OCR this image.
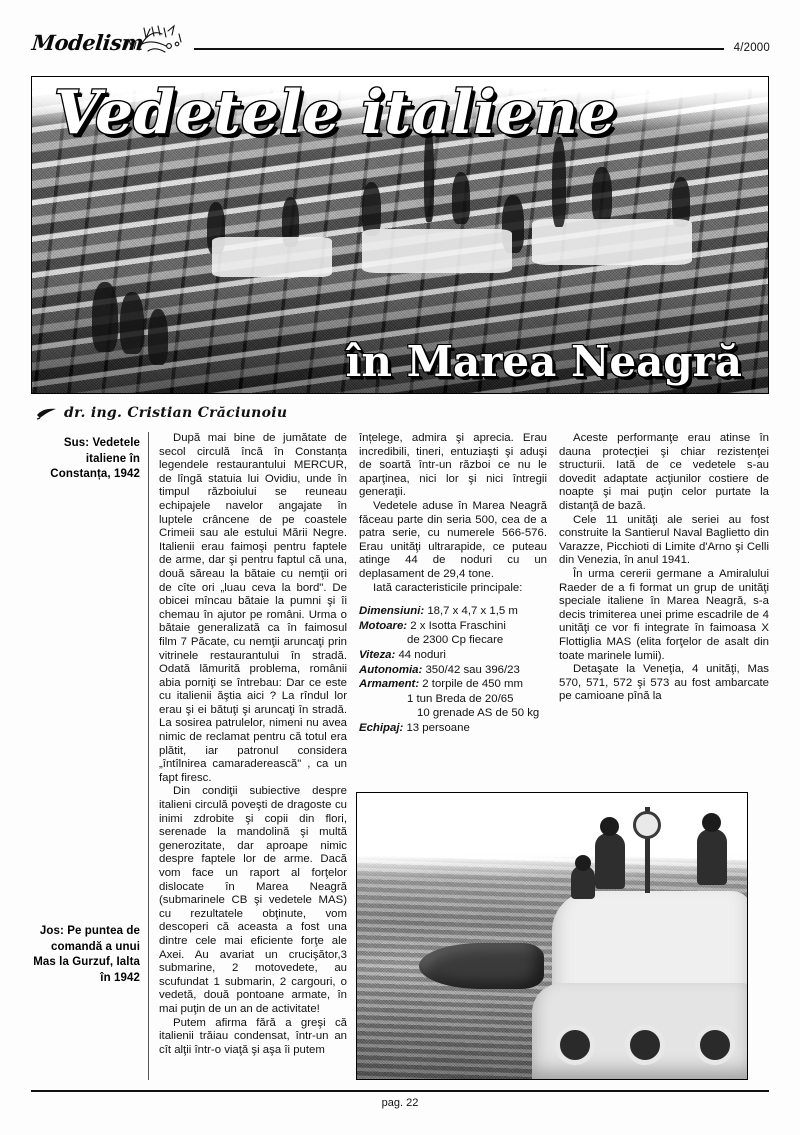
Modelism	4/2000
Vedetele italiene
în Marea Neagră
dr. ing. Cristian Crăciunoiu
Sus: Vedetele italiene în Constanța, 1942
Jos: Pe puntea de comandă a unui Mas la Gurzuf, Ialta în 1942

După mai bine de jumătate de secol circulă încă în Constanța legendele restaurantului MERCUR, de lîngă statuia lui Ovidiu, unde în timpul războiului se reuneau echipajele navelor angajate în luptele crâncene de pe coastele Crimeii sau ale estului Mării Negre. Italienii erau faimoşi pentru faptele de arme, dar şi pentru faptul că una, două săreau la bătaie cu nemţii ori de cîte ori „luau ceva la bord". De obicei mîncau bătaie la pumni şi îi chemau în ajutor pe români. Urma o bătaie generalizată ca în faimosul film 7 Păcate, cu nemţii aruncaţi prin vitrinele restaurantului în stradă. Odată lămurită problema, românii abia porniţi se întrebau: Dar ce este cu italienii ăştia aici ? La rîndul lor erau şi ei bătuţi şi aruncaţi în stradă. La sosirea patrulelor, nimeni nu avea nimic de reclamat pentru că totul era plătit, iar patronul considera „întîlnirea camaraderească" , ca un fapt firesc.

Din condiţii subiective despre italieni circulă poveşti de dragoste cu inimi zdrobite şi copii din flori, serenade la mandolină şi multă generozitate, dar aproape nimic despre faptele lor de arme. Dacă vom face un raport al forţelor dislocate în Marea Neagră (submarinele CB şi vedetele MAS) cu rezultatele obţinute, vom descoperi că aceasta a fost una dintre cele mai eficiente forţe ale Axei. Au avariat un crucişător,3 submarine, 2 motovedete, au scufundat 1 submarin, 2 cargouri, o vedetă, două pontoane armate, în mai puţin de un an de activitate!

Putem afirma fără a greşi că italienii trăiau condensat, într-un an cît alţii într-o viaţă şi aşa îi putem

înțelege, admira şi aprecia. Erau incredibili, tineri, entuziaşti şi aduşi de soartă într-un război ce nu le aparţinea, nici lor şi nici întregii generaţii.

Vedetele aduse în Marea Neagră făceau parte din seria 500, cea de a patra serie, cu numerele 566-576. Erau unităţi ultrarapide, ce puteau atinge 44 de noduri cu un deplasament de 29,4 tone.

Iată caracteristicile principale:

Dimensiuni: 18,7 x 4,7 x 1,5 m
Motoare: 2 x Isotta Fraschini
de 2300 Cp fiecare
Viteza: 44 noduri
Autonomia: 350/42 sau 396/23
Armament: 2 torpile de 450 mm
1 tun Breda de 20/65
10 grenade AS de 50 kg
Echipaj: 13 persoane

Aceste performanţe erau atinse în dauna protecţiei şi chiar rezistenţei structurii. Iată de ce vedetele s-au dovedit adaptate acţiunilor costiere de noapte şi mai puţin celor purtate la distanţă de bază.

Cele 11 unităţi ale seriei au fost construite la Santierul Naval Baglietto din Varazze, Picchioti di Limite d'Arno şi Celli din Venezia, în anul 1941.

În urma cererii germane a Amiralului Raeder de a fi format un grup de unităţi speciale italiene în Marea Neagră, s-a decis trimiterea unei prime escadrile de 4 unităţi ce vor fi integrate în faimoasa X Flottiglia MAS (elita forţelor de asalt din toate marinele lumii).

Detaşate la Veneţia, 4 unităţi, Mas 570, 571, 572 şi 573 au fost ambarcate pe camioane pînă la

pag. 22
